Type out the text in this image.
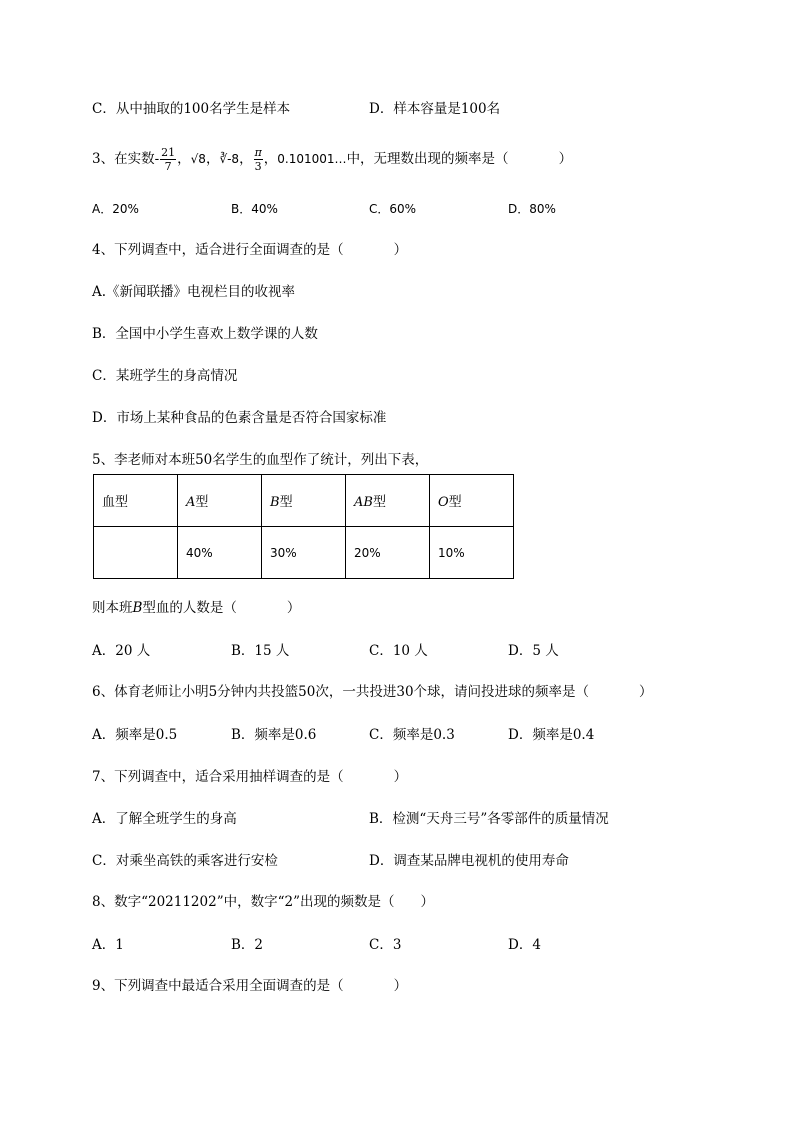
C．从中抽取的100名学生是样本	D．样本容量是100名
3、在实数- $\frac{21}{7}$ ，√8，∛-8， $\frac{\pi}{3}$ ，0.101001…中，无理数出现的频率是（	）
A．20%	B．40%	C．60%	D．80%
4、下列调查中，适合进行全面调查的是（	）
A.《新闻联播》电视栏目的收视率
B．全国中小学生喜欢上数学课的人数
C．某班学生的身高情况
D．市场上某种食品的色素含量是否符合国家标准
5、李老师对本班50名学生的血型作了统计，列出下表，
血型	A型	B型	AB型	O型
	40%	30%	20%	10%
则本班B型血的人数是（	）
A．20 人	B．15 人	C．10 人	D．5 人
6、体育老师让小明5分钟内共投篮50次，一共投进30个球，请问投进球的频率是（	）
A．频率是0.5	B．频率是0.6	C．频率是0.3	D．频率是0.4
7、下列调查中，适合采用抽样调查的是（	）
A．了解全班学生的身高	B．检测“天舟三号”各零部件的质量情况
C．对乘坐高铁的乘客进行安检	D．调查某品牌电视机的使用寿命
8、数字“20211202”中，数字“2”出现的频数是（ ）
A．1	B．2	C．3	D．4
9、下列调查中最适合采用全面调查的是（	）
